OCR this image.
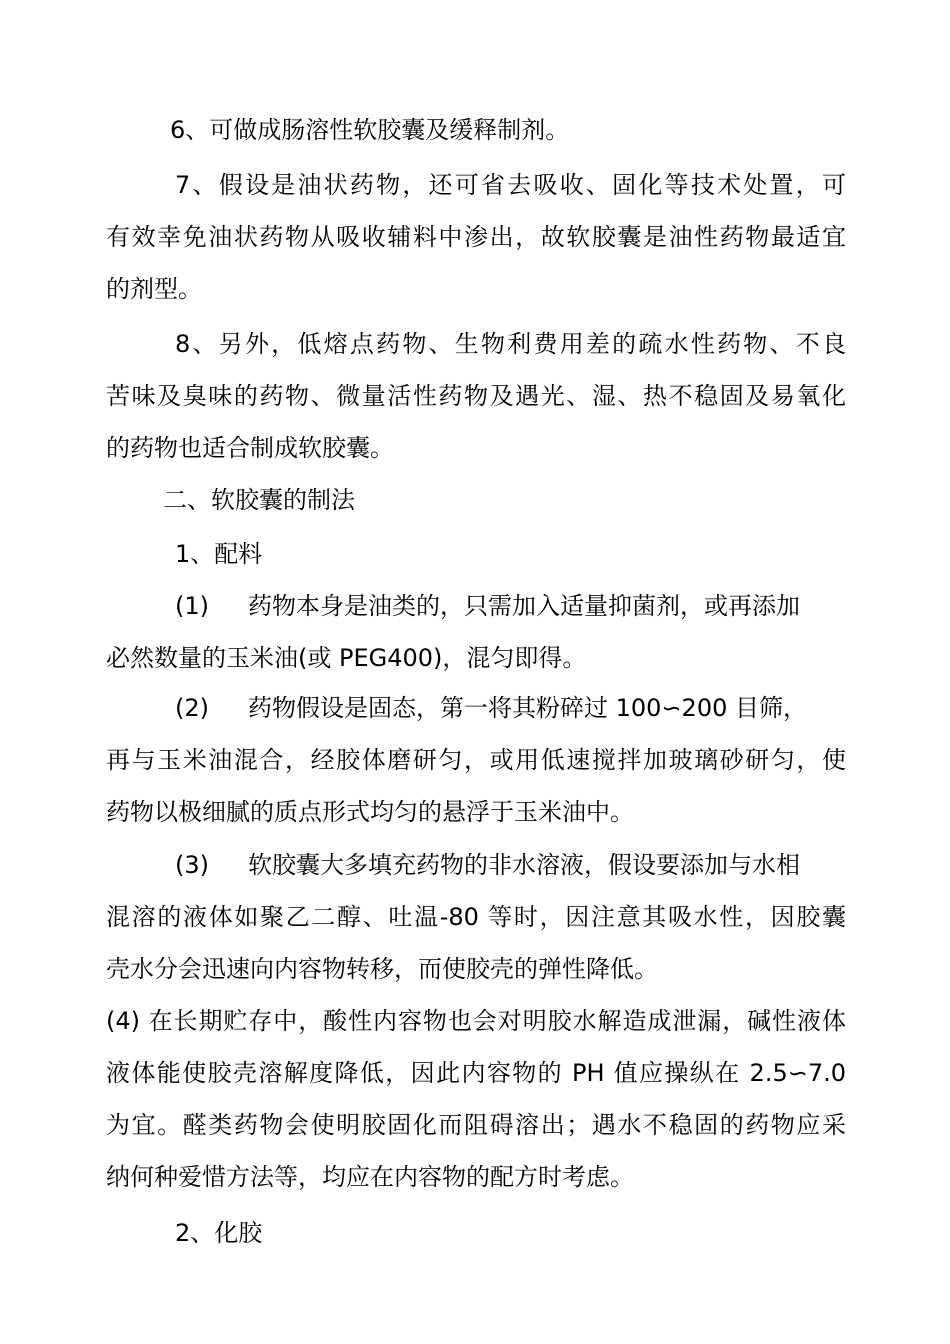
6、可做成肠溶性软胶囊及缓释制剂。
7、假设是油状药物，还可省去吸收、固化等技术处置，可
有效幸免油状药物从吸收辅料中渗出，故软胶囊是油性药物最适宜
的剂型。
8、另外，低熔点药物、生物利费用差的疏水性药物、不良
苦味及臭味的药物、微量活性药物及遇光、湿、热不稳固及易氧化
的药物也适合制成软胶囊。
二、软胶囊的制法
1、配料
(1) 药物本身是油类的，只需加入适量抑菌剂，或再添加
必然数量的玉米油(或 PEG400)，混匀即得。
(2) 药物假设是固态，第一将其粉碎过 100∽200 目筛，
再与玉米油混合，经胶体磨研匀，或用低速搅拌加玻璃砂研匀，使
药物以极细腻的质点形式均匀的悬浮于玉米油中。
(3) 软胶囊大多填充药物的非水溶液，假设要添加与水相
混溶的液体如聚乙二醇、吐温-80 等时，因注意其吸水性，因胶囊
壳水分会迅速向内容物转移，而使胶壳的弹性降低。
(4) 在长期贮存中，酸性内容物也会对明胶水解造成泄漏，碱性液体
液体能使胶壳溶解度降低，因此内容物的 PH 值应操纵在 2.5∽7.0
为宜。醛类药物会使明胶固化而阻碍溶出；遇水不稳固的药物应采
纳何种爱惜方法等，均应在内容物的配方时考虑。
2、化胶
